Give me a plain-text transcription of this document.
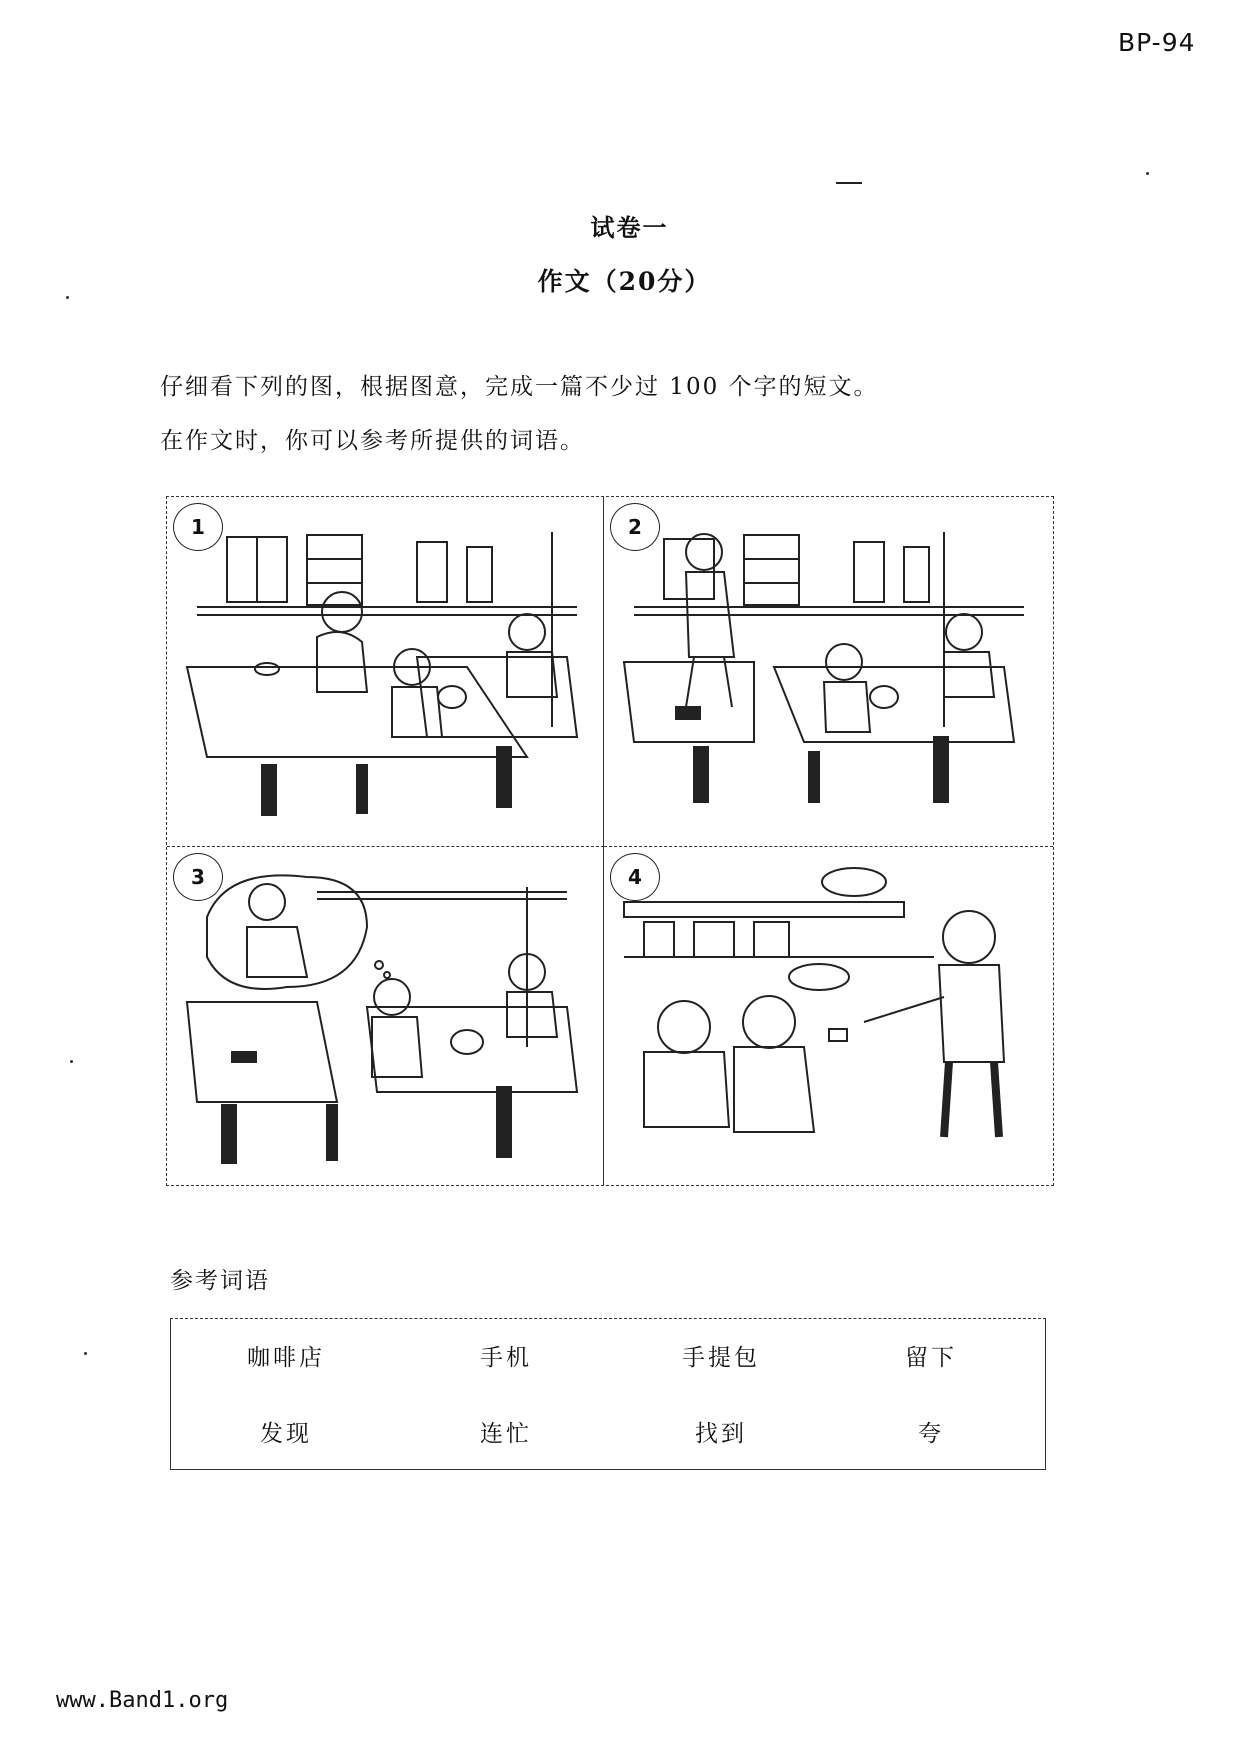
BP-94
试卷一
作文（20分）
仔细看下列的图，根据图意，完成一篇不少过 100 个字的短文。
在作文时，你可以参考所提供的词语。
1	2
3	4
参考词语
咖啡店	手机	手提包	留下
发现	连忙	找到	夸
www.Band1.org
